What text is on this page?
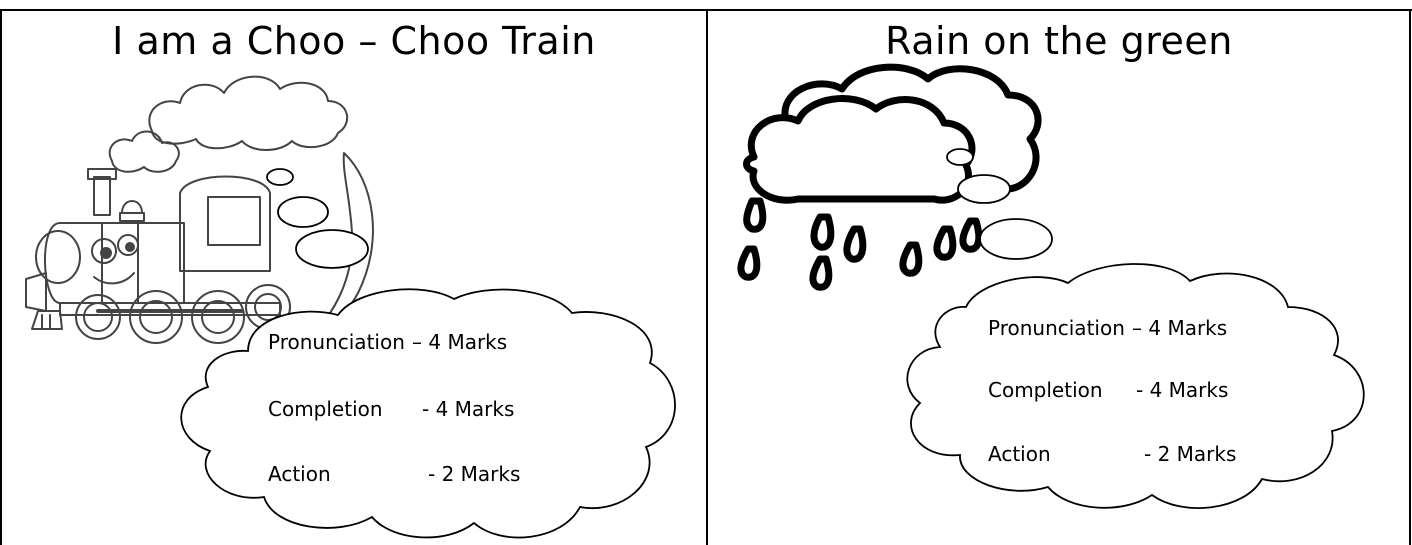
I am a Choo – Choo Train
Pronunciation – 4 Marks
Completion - 4 Marks
Action	- 2 Marks
Rain on the green
Pronunciation – 4 Marks
Completion - 4 Marks
Action	- 2 Marks
